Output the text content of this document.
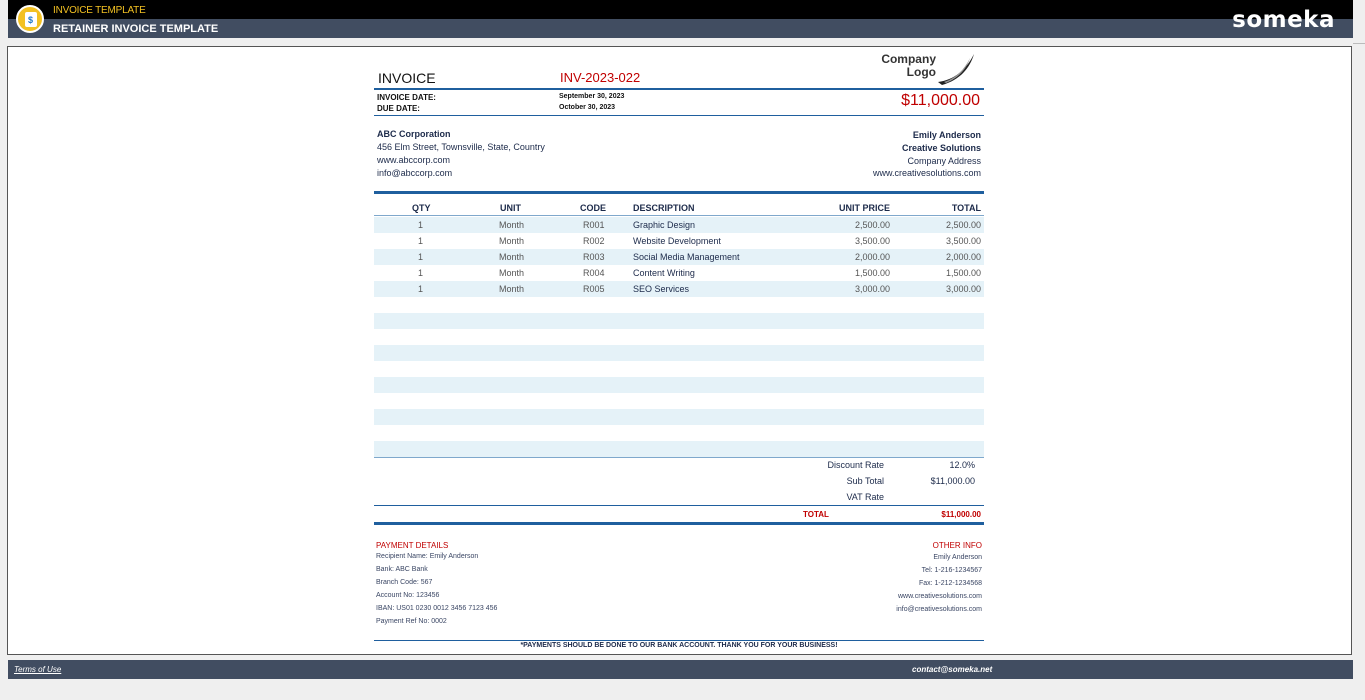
$
INVOICE TEMPLATE
RETAINER INVOICE TEMPLATE	someka
INVOICE	INV-2023-022
Company
Logo
INVOICE DATE:	September 30, 2023
DUE DATE:	October 30, 2023	$11,000.00
ABC Corporation
456 Elm Street, Townsville, State, Country
www.abccorp.com
info@abccorp.com
Emily Anderson
Creative Solutions
Company Address
www.creativesolutions.com
QTY	UNIT	CODE	DESCRIPTION	UNIT PRICE	TOTAL
1	Month	R001	Graphic Design	2,500.00	2,500.00
1	Month	R002	Website Development	3,500.00	3,500.00
1	Month	R003	Social Media Management	2,000.00	2,000.00
1	Month	R004	Content Writing	1,500.00	1,500.00
1	Month	R005	SEO Services	3,000.00	3,000.00
Discount Rate	12.0%
Sub Total	$11,000.00
VAT Rate
TOTAL	$11,000.00
PAYMENT DETAILS
Recipient Name: Emily Anderson
Bank: ABC Bank
Branch Code: 567
Account No: 123456
IBAN: US01 0230 0012 3456 7123 456
Payment Ref No: 0002
OTHER INFO
Emily Anderson
Tel: 1-216-1234567
Fax: 1-212-1234568
www.creativesolutions.com
info@creativesolutions.com
*PAYMENTS SHOULD BE DONE TO OUR BANK ACCOUNT. THANK YOU FOR YOUR BUSINESS!
Terms of Use	contact@someka.net
